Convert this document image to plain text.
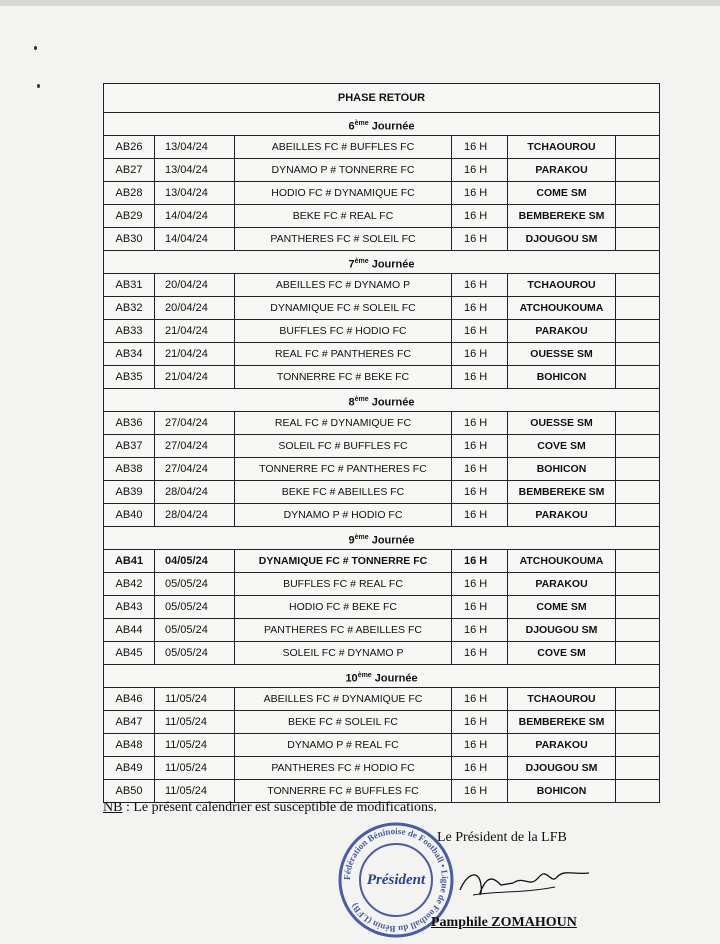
PHASE RETOUR
6ème Journée
AB26	13/04/24	ABEILLES FC # BUFFLES FC	16 H	TCHAOUROU
AB27	13/04/24	DYNAMO P # TONNERRE FC	16 H	PARAKOU
AB28	13/04/24	HODIO FC # DYNAMIQUE FC	16 H	COME SM
AB29	14/04/24	BEKE FC # REAL FC	16 H	BEMBEREKE SM
AB30	14/04/24	PANTHERES FC # SOLEIL FC	16 H	DJOUGOU SM
7ème Journée
AB31	20/04/24	ABEILLES FC # DYNAMO P	16 H	TCHAOUROU
AB32	20/04/24	DYNAMIQUE FC # SOLEIL FC	16 H	ATCHOUKOUMA
AB33	21/04/24	BUFFLES FC # HODIO FC	16 H	PARAKOU
AB34	21/04/24	REAL FC # PANTHERES FC	16 H	OUESSE SM
AB35	21/04/24	TONNERRE FC # BEKE FC	16 H	BOHICON
8ème Journée
AB36	27/04/24	REAL FC # DYNAMIQUE FC	16 H	OUESSE SM
AB37	27/04/24	SOLEIL FC # BUFFLES FC	16 H	COVE SM
AB38	27/04/24	TONNERRE FC # PANTHERES FC	16 H	BOHICON
AB39	28/04/24	BEKE FC # ABEILLES FC	16 H	BEMBEREKE SM
AB40	28/04/24	DYNAMO P # HODIO FC	16 H	PARAKOU
9ème Journée
AB41	04/05/24	DYNAMIQUE FC # TONNERRE FC	16 H	ATCHOUKOUMA
AB42	05/05/24	BUFFLES FC # REAL FC	16 H	PARAKOU
AB43	05/05/24	HODIO FC # BEKE FC	16 H	COME SM
AB44	05/05/24	PANTHERES FC # ABEILLES FC	16 H	DJOUGOU SM
AB45	05/05/24	SOLEIL FC # DYNAMO P	16 H	COVE SM
10ème Journée
AB46	11/05/24	ABEILLES FC # DYNAMIQUE FC	16 H	TCHAOUROU
AB47	11/05/24	BEKE FC # SOLEIL FC	16 H	BEMBEREKE SM
AB48	11/05/24	DYNAMO P # REAL FC	16 H	PARAKOU
AB49	11/05/24	PANTHERES FC # HODIO FC	16 H	DJOUGOU SM
AB50	11/05/24	TONNERRE FC # BUFFLES FC	16 H	BOHICON
NB : Le présent calendrier est susceptible de modifications.
Fédération Béninoise de Football • Ligue de Football du Bénin (LFB)
Président
Le Président de la LFB
Pamphile ZOMAHOUN
